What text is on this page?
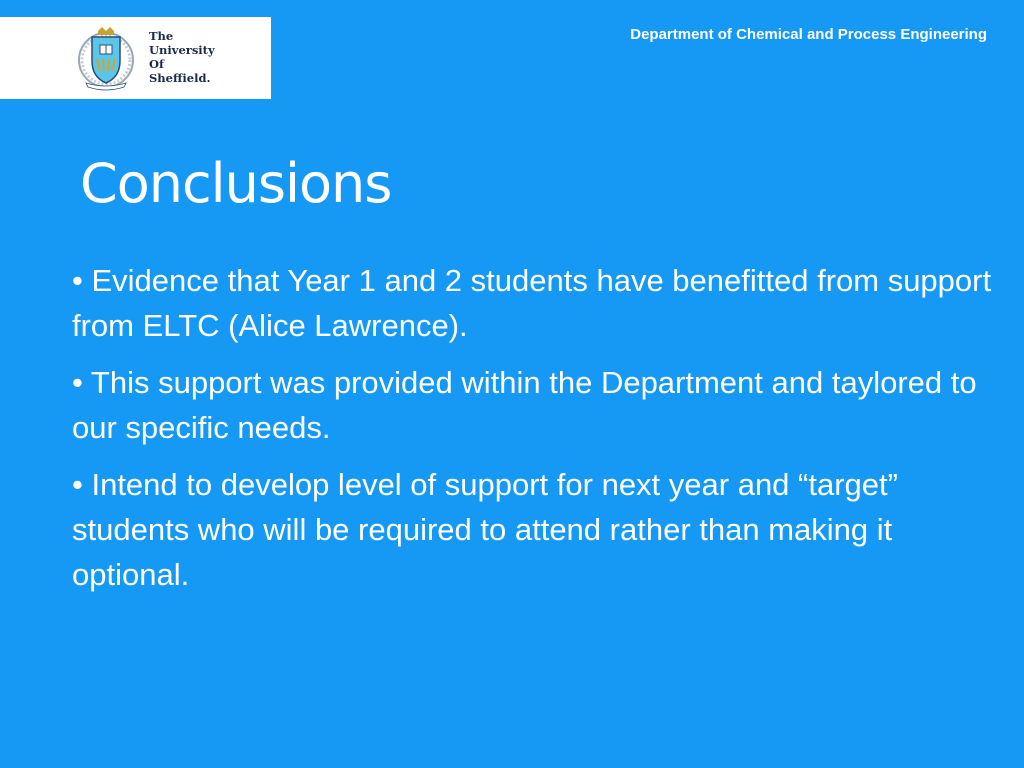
The
University
Of
Sheffield.
Department of Chemical and Process Engineering
Conclusions

• Evidence that Year 1 and 2 students have benefitted from support from ELTC (Alice Lawrence).

• This support was provided within the Department and taylored to our specific needs.

• Intend to develop level of support for next year and “target” students who will be required to attend rather than making it optional.
